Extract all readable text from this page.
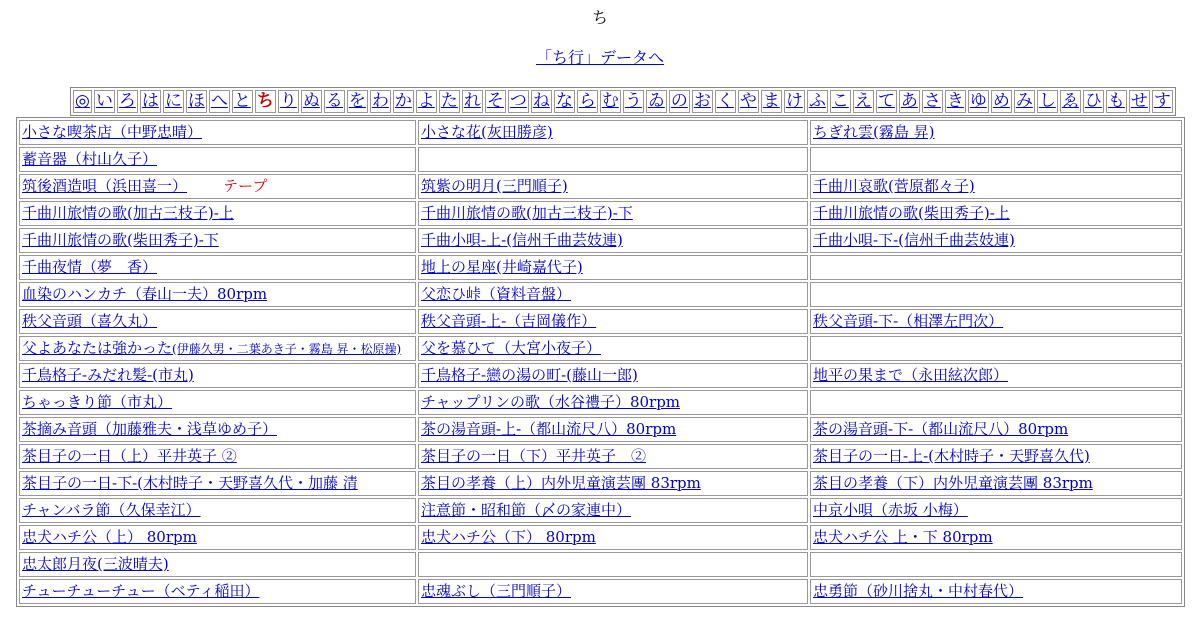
ち
「ち行」データへ
◎	い	ろ	は	に	ほ	へ	と	ち	り	ぬ	る	を	わ	か	よ	た	れ	そ	つ	ね	な	ら	む	う	ゐ	の	お	く	や	ま	け	ふ	こ	え	て	あ	さ	き	ゆ	め	み	し	ゑ	ひ	も	せ	す
小さな喫茶店（中野忠晴）	小さな花(灰田勝彦)	ちぎれ雲(霧島 昇)
蓄音器（村山久子）		
筑後酒造唄（浜田喜一） テープ	筑紫の明月(三門順子)	千曲川哀歌(菅原都々子)
千曲川旅情の歌(加古三枝子)-上	千曲川旅情の歌(加古三枝子)-下	千曲川旅情の歌(柴田秀子)-上
千曲川旅情の歌(柴田秀子)-下	千曲小唄-上-(信州千曲芸妓連)	千曲小唄-下-(信州千曲芸妓連)
千曲夜情（夢　香）	地上の星座(井崎嘉代子)	
血染のハンカチ（春山一夫）80rpm	父恋ひ峠（資料音盤）	
秩父音頭（喜久丸）	秩父音頭-上-（吉岡儀作）	秩父音頭-下-（相澤左門次）
父よあなたは強かった(伊藤久男・二葉あき子・霧島 昇・松原操)	父を慕ひて（大宮小夜子）	
千鳥格子-みだれ髪-(市丸)	千鳥格子-戀の湯の町-(藤山一郎)	地平の果まで（永田絃次郎）
ちゃっきり節（市丸）	チャップリンの歌（水谷禮子）80rpm	
茶摘み音頭（加藤雅夫・浅草ゆめ子）	茶の湯音頭-上-（都山流尺八）80rpm	茶の湯音頭-下-（都山流尺八）80rpm
茶目子の一日（上）平井英子 ②	茶目子の一日（下）平井英子　②	茶目子の一日-上-(木村時子・天野喜久代)
茶目子の一日-下-(木村時子・天野喜久代・加藤 清	茶目の孝養（上）内外児童演芸團 83rpm	茶目の孝養（下）内外児童演芸團 83rpm
チャンバラ節（久保幸江）	注意節・昭和節（〆の家連中）	中京小唄（赤坂 小梅）
忠犬ハチ公（上） 80rpm	忠犬ハチ公（下） 80rpm	忠犬ハチ公 上・下 80rpm
忠太郎月夜(三波晴夫)		
チューチューチュー（ベティ稲田）	忠魂ぶし（三門順子）	忠勇節（砂川捨丸・中村春代）
